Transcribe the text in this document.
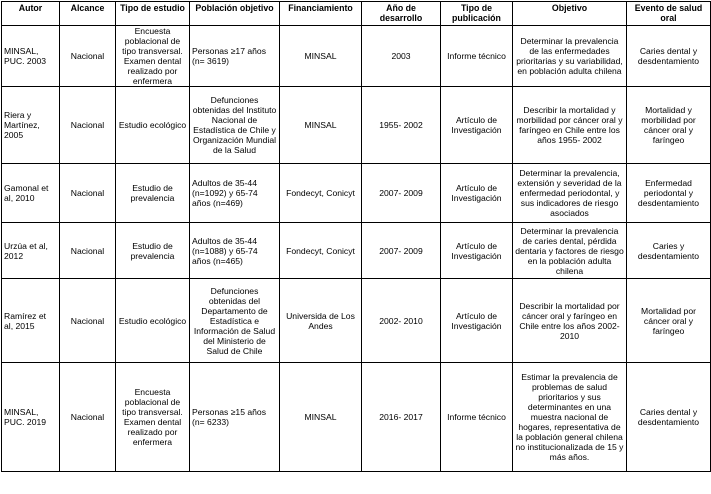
Autor	Alcance	Tipo de estudio	Población objetivo	Financiamiento	Año de desarrollo	Tipo de publicación	Objetivo	Evento de salud oral
MINSAL, PUC. 2003	Nacional	Encuesta poblacional de tipo transversal. Examen dental realizado por enfermera	Personas ≥17 años (n= 3619)	MINSAL	2003	Informe técnico	Determinar la prevalencia de las enfermedades prioritarias y su variabilidad, en población adulta chilena	Caries dental y desdentamiento
Riera y Martínez, 2005	Nacional	Estudio ecológico	Defunciones obtenidas del Instituto Nacional de Estadística de Chile y Organización Mundial de la Salud	MINSAL	1955- 2002	Artículo de Investigación	Describir la mortalidad y morbilidad por cáncer oral y faríngeo en Chile entre los años 1955- 2002	Mortalidad y morbilidad por cáncer oral y faríngeo
Gamonal et al, 2010	Nacional	Estudio de prevalencia	Adultos de 35-44 (n=1092) y 65-74 años (n=469)	Fondecyt, Conicyt	2007- 2009	Artículo de Investigación	Determinar la prevalencia, extensión y severidad de la enfermedad periodontal, y sus indicadores de riesgo asociados	Enfermedad periodontal y desdentamiento
Urzúa et al, 2012	Nacional	Estudio de prevalencia	Adultos de 35-44 (n=1088) y 65-74 años (n=465)	Fondecyt, Conicyt	2007- 2009	Artículo de Investigación	Determinar la prevalencia de caries dental, pérdida dentaria y factores de riesgo en la población adulta chilena	Caries y desdentamiento
Ramírez et al, 2015	Nacional	Estudio ecológico	Defunciones obtenidas del Departamento de Estadística e Información de Salud del Ministerio de Salud de Chile	Universida de Los Andes	2002- 2010	Artículo de Investigación	Describir la mortalidad por cáncer oral y faríngeo en Chile entre los años 2002- 2010	Mortalidad por cáncer oral y faríngeo
MINSAL, PUC. 2019	Nacional	Encuesta poblacional de tipo transversal. Examen dental realizado por enfermera	Personas ≥15 años (n= 6233)	MINSAL	2016- 2017	Informe técnico	Estimar la prevalencia de problemas de salud prioritarios y sus determinantes en una muestra nacional de hogares, representativa de la población general chilena no institucionalizada de 15 y más años.	Caries dental y desdentamiento
